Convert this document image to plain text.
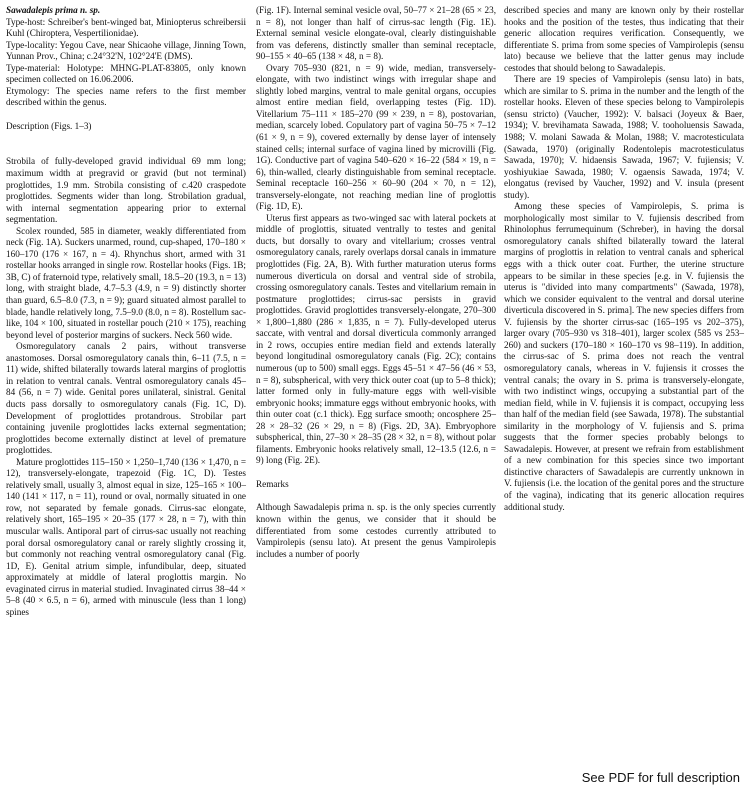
Sawadalepis prima n. sp.

Type-host: Schreiber's bent-winged bat, Miniopterus schreibersii Kuhl (Chiroptera, Vespertilionidae).

Type-locality: Yegou Cave, near Shicaohe village, Jinning Town, Yunnan Prov., China; c.24°32'N, 102°24'E (DMS).

Type-material: Holotype: MHNG-PLAT-83805, only known specimen collected on 16.06.2006.

Etymology: The species name refers to the first member described within the genus.

Description (Figs. 1–3)

Strobila of fully-developed gravid individual 69 mm long; maximum width at pregravid or gravid (but not terminal) proglottides, 1.9 mm. Strobila consisting of c.420 craspedote proglottides. Segments wider than long. Strobilation gradual, with internal segmentation appearing prior to external segmentation.

Scolex rounded, 585 in diameter, weakly differentiated from neck (Fig. 1A). Suckers unarmed, round, cup-shaped, 170–180 × 160–170 (176 × 167, n = 4). Rhynchus short, armed with 31 rostellar hooks arranged in single row. Rostellar hooks (Figs. 1B; 3B, C) of fraternoid type, relatively small, 18.5–20 (19.3, n = 13) long, with straight blade, 4.7–5.3 (4.9, n = 9) distinctly shorter than guard, 6.5–8.0 (7.3, n = 9); guard situated almost parallel to blade, handle relatively long, 7.5–9.0 (8.0, n = 8). Rostellum sac-like, 104 × 100, situated in rostellar pouch (210 × 175), reaching beyond level of posterior margins of suckers. Neck 560 wide.

Osmoregulatory canals 2 pairs, without transverse anastomoses. Dorsal osmoregulatory canals thin, 6–11 (7.5, n = 11) wide, shifted bilaterally towards lateral margins of proglottis in relation to ventral canals. Ventral osmoregulatory canals 45–84 (56, n = 7) wide. Genital pores unilateral, sinistral. Genital ducts pass dorsally to osmoregulatory canals (Fig. 1C, D). Development of proglottides protandrous. Strobilar part containing juvenile proglottides lacks external segmentation; proglottides become externally distinct at level of premature proglottides.

Mature proglottides 115–150 × 1,250–1,740 (136 × 1,470, n = 12), transversely-elongate, trapezoid (Fig. 1C, D). Testes relatively small, usually 3, almost equal in size, 125–165 × 100–140 (141 × 117, n = 11), round or oval, normally situated in one row, not separated by female gonads. Cirrus-sac elongate, relatively short, 165–195 × 20–35 (177 × 28, n = 7), with thin muscular walls. Antiporal part of cirrus-sac usually not reaching poral dorsal osmoregulatory canal or rarely slightly crossing it, but commonly not reaching ventral osmoregulatory canal (Fig. 1D, E). Genital atrium simple, infundibular, deep, situated approximately at middle of lateral proglottis margin. No evaginated cirrus in material studied. Invaginated cirrus 38–44 × 5–8 (40 × 6.5, n = 6), armed with minuscule (less than 1 long) spines

(Fig. 1F). Internal seminal vesicle oval, 50–77 × 21–28 (65 × 23, n = 8), not longer than half of cirrus-sac length (Fig. 1E). External seminal vesicle elongate-oval, clearly distinguishable from vas deferens, distinctly smaller than seminal receptacle, 90–155 × 40–65 (138 × 48, n = 8).

Ovary 705–930 (821, n = 9) wide, median, transversely-elongate, with two indistinct wings with irregular shape and slightly lobed margins, ventral to male genital organs, occupies almost entire median field, overlapping testes (Fig. 1D). Vitellarium 75–111 × 185–270 (99 × 239, n = 8), postovarian, median, scarcely lobed. Copulatory part of vagina 50–75 × 7–12 (61 × 9, n = 9), covered externally by dense layer of intensely stained cells; internal surface of vagina lined by microvilli (Fig. 1G). Conductive part of vagina 540–620 × 16–22 (584 × 19, n = 6), thin-walled, clearly distinguishable from seminal receptacle. Seminal receptacle 160–256 × 60–90 (204 × 70, n = 12), transversely-elongate, not reaching median line of proglottis (Fig. 1D, E).

Uterus first appears as two-winged sac with lateral pockets at middle of proglottis, situated ventrally to testes and genital ducts, but dorsally to ovary and vitellarium; crosses ventral osmoregulatory canals, rarely overlaps dorsal canals in immature proglottides (Fig. 2A, B). With further maturation uterus forms numerous diverticula on dorsal and ventral side of strobila, crossing osmoregulatory canals. Testes and vitellarium remain in postmature proglottides; cirrus-sac persists in gravid proglottides. Gravid proglottides transversely-elongate, 270–300 × 1,800–1,880 (286 × 1,835, n = 7). Fully-developed uterus saccate, with ventral and dorsal diverticula commonly arranged in 2 rows, occupies entire median field and extends laterally beyond longitudinal osmoregulatory canals (Fig. 2C); contains numerous (up to 500) small eggs. Eggs 45–51 × 47–56 (46 × 53, n = 8), subspherical, with very thick outer coat (up to 5–8 thick); latter formed only in fully-mature eggs with well-visible embryonic hooks; immature eggs without embryonic hooks, with thin outer coat (c.1 thick). Egg surface smooth; oncosphere 25–28 × 28–32 (26 × 29, n = 8) (Figs. 2D, 3A). Embryophore subspherical, thin, 27–30 × 28–35 (28 × 32, n = 8), without polar filaments. Embryonic hooks relatively small, 12–13.5 (12.6, n = 9) long (Fig. 2E).

Remarks

Although Sawadalepis prima n. sp. is the only species currently known within the genus, we consider that it should be differentiated from some cestodes currently attributed to Vampirolepis (sensu lato). At present the genus Vampirolepis includes a number of poorly

described species and many are known only by their rostellar hooks and the position of the testes, thus indicating that their generic allocation requires verification. Consequently, we differentiate S. prima from some species of Vampirolepis (sensu lato) because we believe that the latter genus may include cestodes that should belong to Sawadalepis.

There are 19 species of Vampirolepis (sensu lato) in bats, which are similar to S. prima in the number and the length of the rostellar hooks. Eleven of these species belong to Vampirolepis (sensu stricto) (Vaucher, 1992): V. balsaci (Joyeux & Baer, 1934); V. brevihamata Sawada, 1988; V. tooholuensis Sawada, 1988; V. molani Sawada & Molan, 1988; V. macrotesticulata (Sawada, 1970) (originally Rodentolepis macrotesticulatus Sawada, 1970); V. hidaensis Sawada, 1967; V. fujiensis; V. yoshiyukiae Sawada, 1980; V. ogaensis Sawada, 1974; V. elongatus (revised by Vaucher, 1992) and V. insula (present study).

Among these species of Vampirolepis, S. prima is morphologically most similar to V. fujiensis described from Rhinolophus ferrumequinum (Schreber), in having the dorsal osmoregulatory canals shifted bilaterally toward the lateral margins of proglottis in relation to ventral canals and spherical eggs with a thick outer coat. Further, the uterine structure appears to be similar in these species [e.g. in V. fujiensis the uterus is "divided into many compartments" (Sawada, 1978), which we consider equivalent to the ventral and dorsal uterine diverticula discovered in S. prima]. The new species differs from V. fujiensis by the shorter cirrus-sac (165–195 vs 202–375), larger ovary (705–930 vs 318–401), larger scolex (585 vs 253–260) and suckers (170–180 × 160–170 vs 98–119). In addition, the cirrus-sac of S. prima does not reach the ventral osmoregulatory canals, whereas in V. fujiensis it crosses the ventral canals; the ovary in S. prima is transversely-elongate, with two indistinct wings, occupying a substantial part of the median field, while in V. fujiensis it is compact, occupying less than half of the median field (see Sawada, 1978). The substantial similarity in the morphology of V. fujiensis and S. prima suggests that the former species probably belongs to Sawadalepis. However, at present we refrain from establishment of a new combination for this species since two important distinctive characters of Sawadalepis are currently unknown in V. fujiensis (i.e. the location of the genital pores and the structure of the vagina), indicating that its generic allocation requires additional study.

See PDF for full description
